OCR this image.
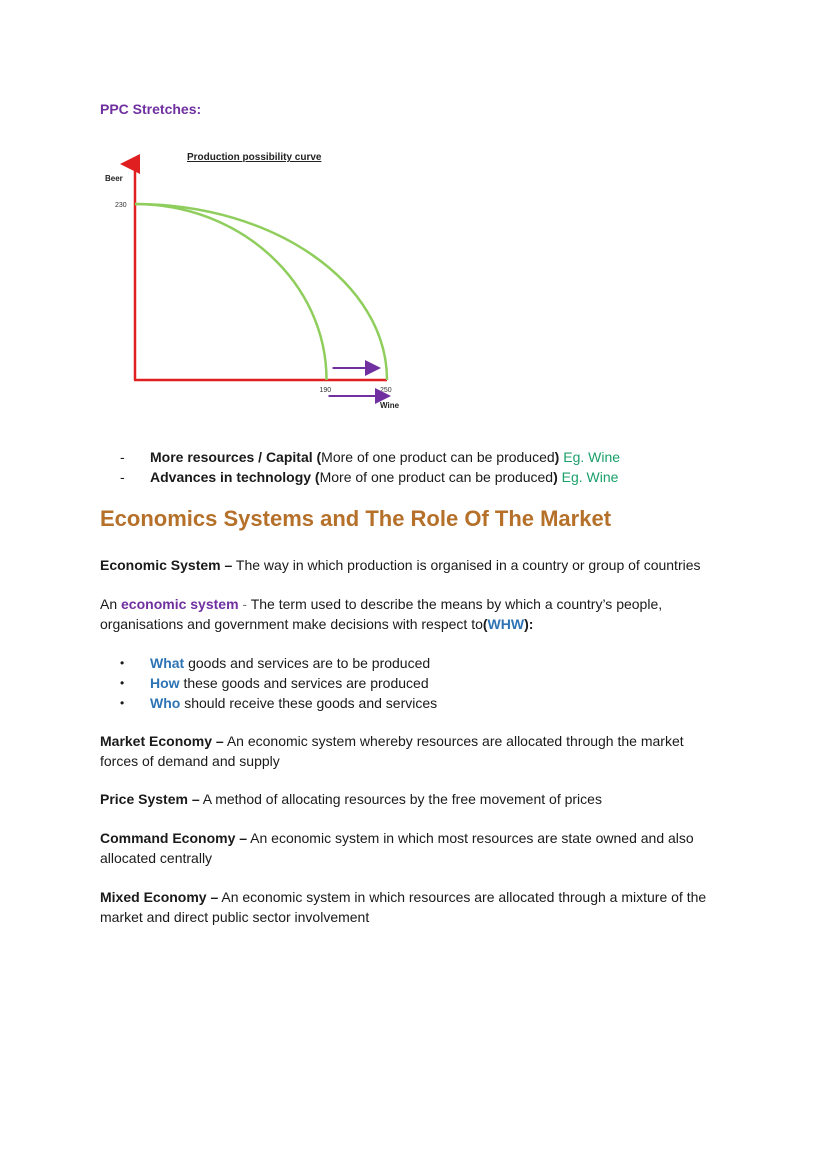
PPC Stretches:
Production possibility curve
Beer
190	250
230
Wine
-	More resources / Capital (More of one product can be produced) Eg. Wine
-	Advances in technology (More of one product can be produced) Eg. Wine
Economics Systems and The Role Of The Market
Economic System – The way in which production is organised in a country or group of countries
An economic system - The term used to describe the means by which a country’s people, organisations and government make decisions with respect to(WHW):
•	What goods and services are to be produced
•	How these goods and services are produced
•	Who should receive these goods and services
Market Economy – An economic system whereby resources are allocated through the market forces of demand and supply
Price System – A method of allocating resources by the free movement of prices
Command Economy – An economic system in which most resources are state owned and also allocated centrally
Mixed Economy – An economic system in which resources are allocated through a mixture of the market and direct public sector involvement
